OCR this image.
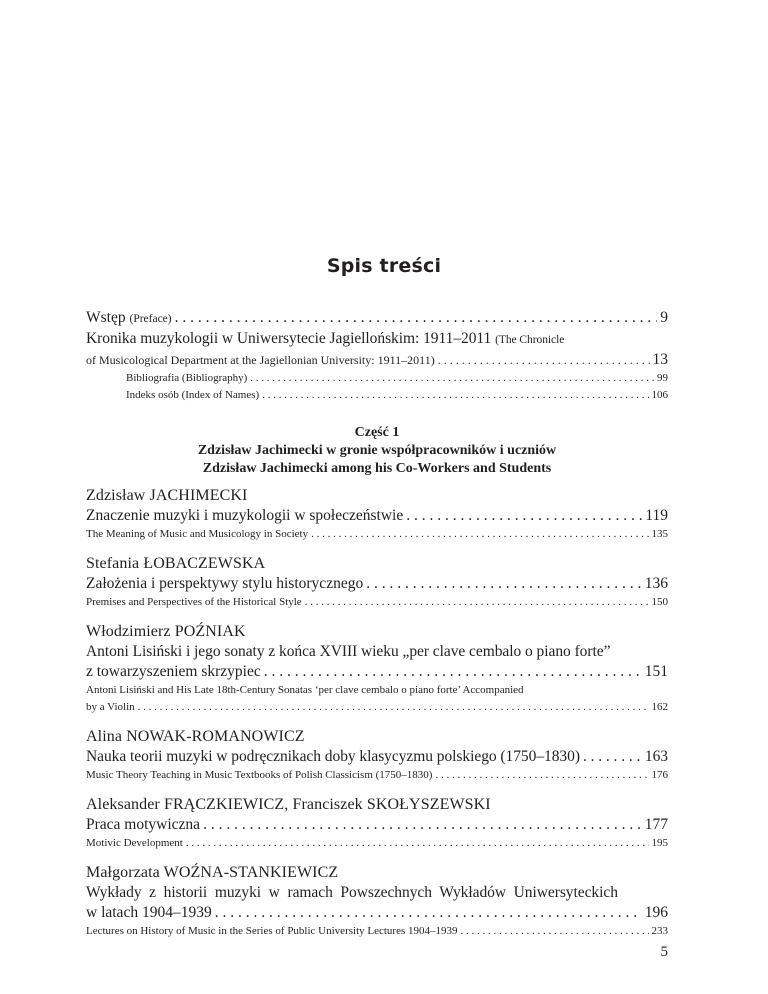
Spis treści
Wstęp (Preface) . . .	9
Kronika muzykologii w Uniwersytecie Jagiellońskim: 1911–2011 (The Chronicle
of Musicological Department at the Jagiellonian University: 1911–2011) . . .	13
Bibliografia (Bibliography) . . .	99
Indeks osób (Index of Names) . . .	106
Część 1
Zdzisław Jachimecki w gronie współpracowników i uczniów
Zdzisław Jachimecki among his Co-Workers and Students
Zdzisław JACHIMECKI
Znaczenie muzyki i muzykologii w społeczeństwie . . .	119
The Meaning of Music and Musicology in Society . . .	135
Stefania ŁOBACZEWSKA
Założenia i perspektywy stylu historycznego . . .	136
Premises and Perspectives of the Historical Style . . .	150
Włodzimierz POŹNIAK
Antoni Lisiński i jego sonaty z końca XVIII wieku „per clave cembalo o piano forte”
z towarzyszeniem skrzypiec . . .	151
Antoni Lisiński and His Late 18th-Century Sonatas ‘per clave cembalo o piano forte’ Accompanied
by a Violin . . .	162
Alina NOWAK-ROMANOWICZ
Nauka teorii muzyki w podręcznikach doby klasycyzmu polskiego (1750–1830) . . .	163
Music Theory Teaching in Music Textbooks of Polish Classicism (1750–1830) . . .	176
Aleksander FRĄCZKIEWICZ, Franciszek SKOŁYSZEWSKI
Praca motywiczna . . .	177
Motivic Development . . .	195
Małgorzata WOŹNA-STANKIEWICZ
Wykłady  z  historii  muzyki  w  ramach  Powszechnych  Wykładów  Uniwersyteckich
w latach 1904–1939 . . .	196
Lectures on History of Music in the Series of Public University Lectures 1904–1939 . . .	233
5
